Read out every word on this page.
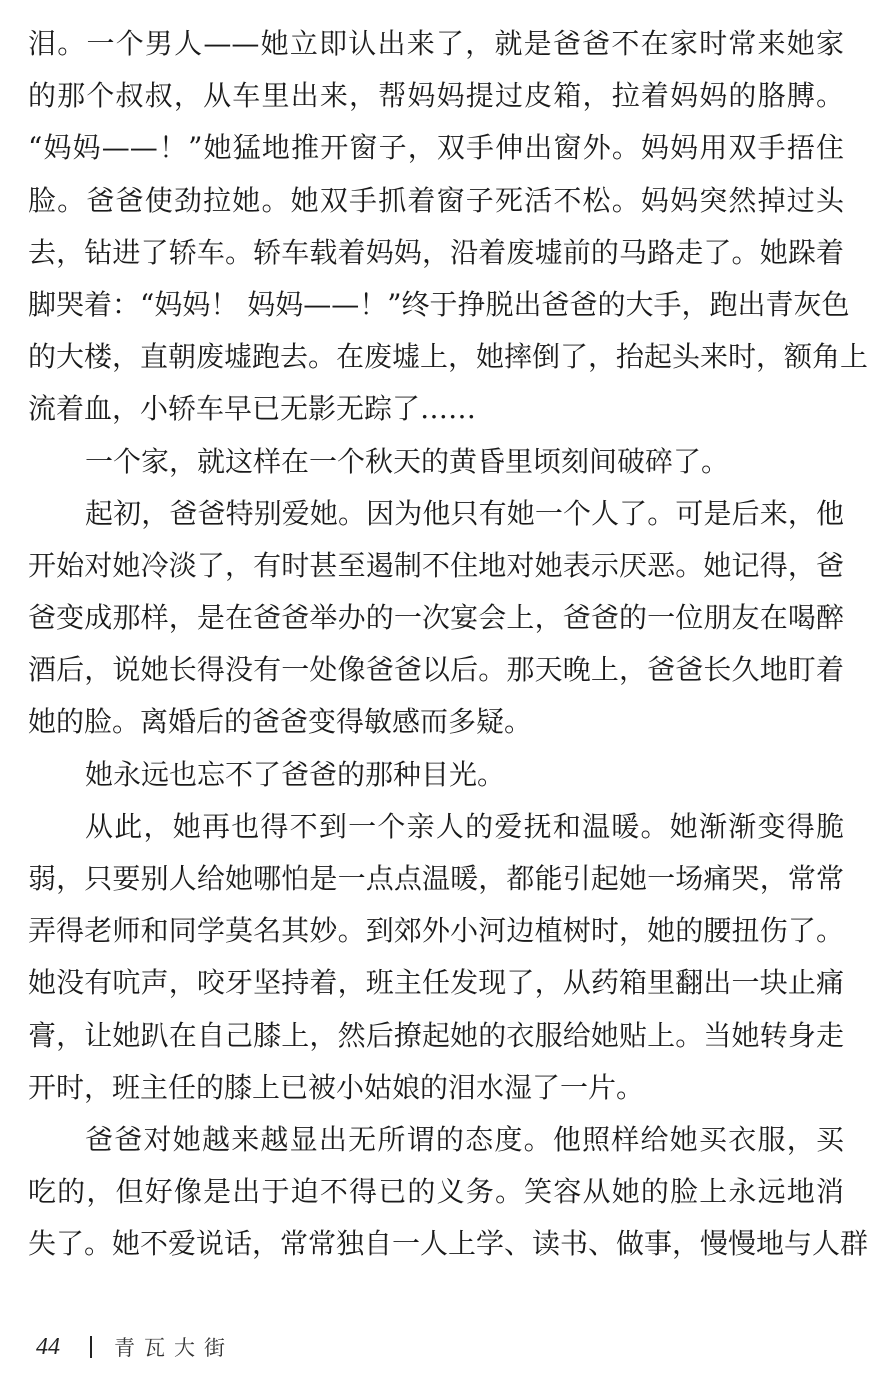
泪。一个男人——她立即认出来了，就是爸爸不在家时常来她家
的那个叔叔，从车里出来，帮妈妈提过皮箱，拉着妈妈的胳膊。
“妈妈——！”她猛地推开窗子，双手伸出窗外。妈妈用双手捂住
脸。爸爸使劲拉她。她双手抓着窗子死活不松。妈妈突然掉过头
去，钻进了轿车。轿车载着妈妈，沿着废墟前的马路走了。她跺着
脚哭着：“妈妈！ 妈妈——！”终于挣脱出爸爸的大手，跑出青灰色
的大楼，直朝废墟跑去。在废墟上，她摔倒了，抬起头来时，额角上
流着血，小轿车早已无影无踪了……
一个家，就这样在一个秋天的黄昏里顷刻间破碎了。
起初，爸爸特别爱她。因为他只有她一个人了。可是后来，他
开始对她冷淡了，有时甚至遏制不住地对她表示厌恶。她记得，爸
爸变成那样，是在爸爸举办的一次宴会上，爸爸的一位朋友在喝醉
酒后，说她长得没有一处像爸爸以后。那天晚上，爸爸长久地盯着
她的脸。离婚后的爸爸变得敏感而多疑。
她永远也忘不了爸爸的那种目光。
从此，她再也得不到一个亲人的爱抚和温暖。她渐渐变得脆
弱，只要别人给她哪怕是一点点温暖，都能引起她一场痛哭，常常
弄得老师和同学莫名其妙。到郊外小河边植树时，她的腰扭伤了。
她没有吭声，咬牙坚持着，班主任发现了，从药箱里翻出一块止痛
膏，让她趴在自己膝上，然后撩起她的衣服给她贴上。当她转身走
开时，班主任的膝上已被小姑娘的泪水湿了一片。
爸爸对她越来越显出无所谓的态度。他照样给她买衣服，买
吃的，但好像是出于迫不得已的义务。笑容从她的脸上永远地消
失了。她不爱说话，常常独自一人上学、读书、做事，慢慢地与人群
44	青瓦大街
